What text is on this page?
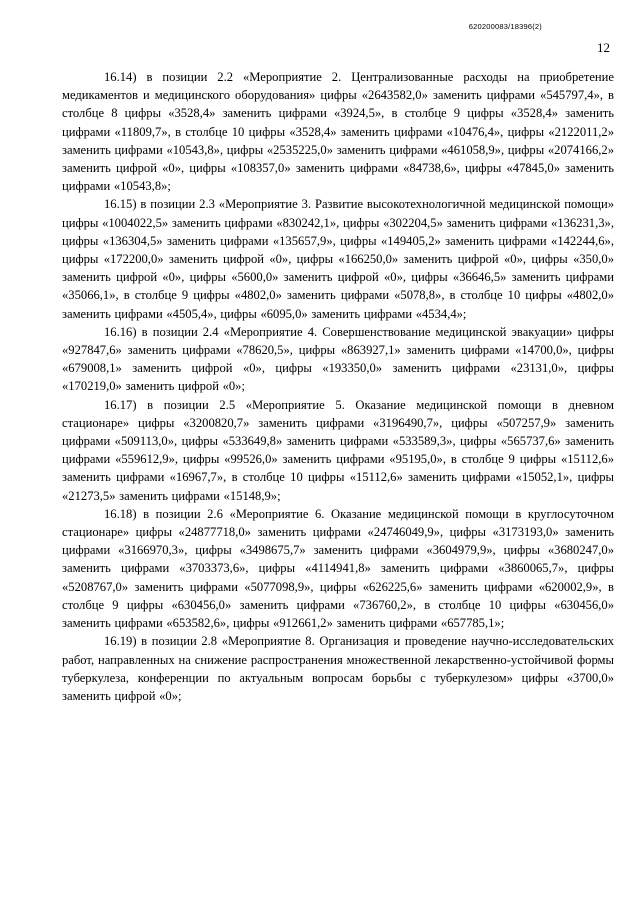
620200083/18396(2)
12

16.14) в позиции 2.2 «Мероприятие 2. Централизованные расходы на приобретение медикаментов и медицинского оборудования» цифры «2643582,0» заменить цифрами «545797,4», в столбце 8 цифры «3528,4» заменить цифрами «3924,5», в столбце 9 цифры «3528,4» заменить цифрами «11809,7», в столбце 10 цифры «3528,4» заменить цифрами «10476,4», цифры «2122011,2» заменить цифрами «10543,8», цифры «2535225,0» заменить цифрами «461058,9», цифры «2074166,2» заменить цифрой «0», цифры «108357,0» заменить цифрами «84738,6», цифры «47845,0» заменить цифрами «10543,8»;

16.15) в позиции 2.3 «Мероприятие 3. Развитие высокотехнологичной медицинской помощи» цифры «1004022,5» заменить цифрами «830242,1», цифры «302204,5» заменить цифрами «136231,3», цифры «136304,5» заменить цифрами «135657,9», цифры «149405,2» заменить цифрами «142244,6», цифры «172200,0» заменить цифрой «0», цифры «166250,0» заменить цифрой «0», цифры «350,0» заменить цифрой «0», цифры «5600,0» заменить цифрой «0», цифры «36646,5» заменить цифрами «35066,1», в столбце 9 цифры «4802,0» заменить цифрами «5078,8», в столбце 10 цифры «4802,0» заменить цифрами «4505,4», цифры «6095,0» заменить цифрами «4534,4»;

16.16) в позиции 2.4 «Мероприятие 4. Совершенствование медицинской эвакуации» цифры «927847,6» заменить цифрами «78620,5», цифры «863927,1» заменить цифрами «14700,0», цифры «679008,1» заменить цифрой «0», цифры «193350,0» заменить цифрами «23131,0», цифры «170219,0» заменить цифрой «0»;

16.17) в позиции 2.5 «Мероприятие 5. Оказание медицинской помощи в дневном стационаре» цифры «3200820,7» заменить цифрами «3196490,7», цифры «507257,9» заменить цифрами «509113,0», цифры «533649,8» заменить цифрами «533589,3», цифры «565737,6» заменить цифрами «559612,9», цифры «99526,0» заменить цифрами «95195,0», в столбце 9 цифры «15112,6» заменить цифрами «16967,7», в столбце 10 цифры «15112,6» заменить цифрами «15052,1», цифры «21273,5» заменить цифрами «15148,9»;

16.18) в позиции 2.6 «Мероприятие 6. Оказание медицинской помощи в круглосуточном стационаре» цифры «24877718,0» заменить цифрами «24746049,9», цифры «3173193,0» заменить цифрами «3166970,3», цифры «3498675,7» заменить цифрами «3604979,9», цифры «3680247,0» заменить цифрами «3703373,6», цифры «4114941,8» заменить цифрами «3860065,7», цифры «5208767,0» заменить цифрами «5077098,9», цифры «626225,6» заменить цифрами «620002,9», в столбце 9 цифры «630456,0» заменить цифрами «736760,2», в столбце 10 цифры «630456,0» заменить цифрами «653582,6», цифры «912661,2» заменить цифрами «657785,1»;

16.19) в позиции 2.8 «Мероприятие 8. Организация и проведение научно-исследовательских работ, направленных на снижение распространения множественной лекарственно-устойчивой формы туберкулеза, конференции по актуальным вопросам борьбы с туберкулезом» цифры «3700,0» заменить цифрой «0»;
